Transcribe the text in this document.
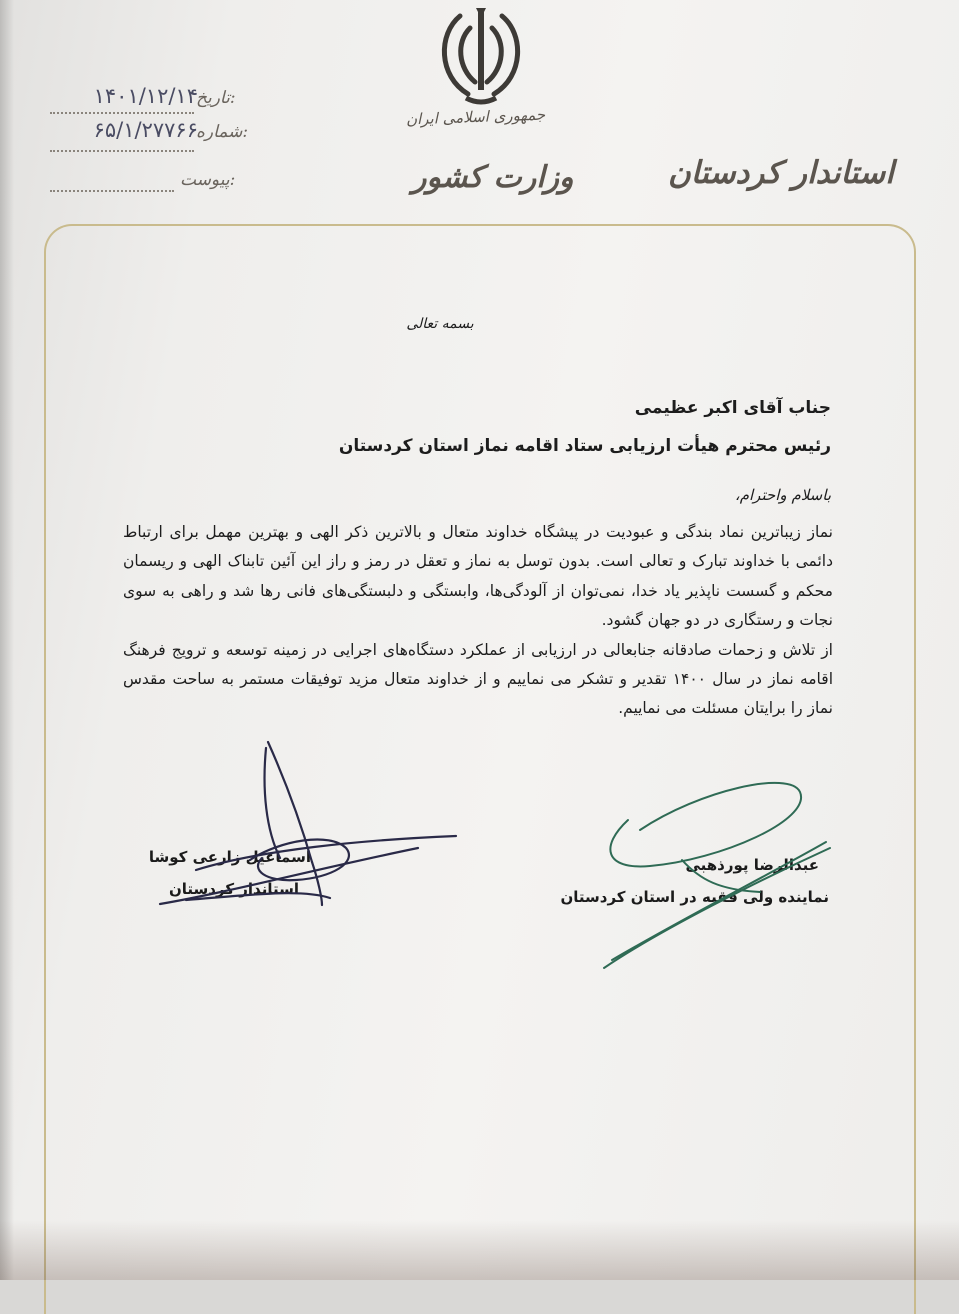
جمهوری اسلامی ایران
وزارت کشور	استاندار کردستان
تاریخ:
۱۴۰۱/۱۲/۱۴
شماره:
۶۵/۱/۲۷۷۶۶
پیوست:
بسمه تعالی
جناب آقای اکبر عظیمی
رئیس محترم هیأت ارزیابی ستاد اقامه نماز استان کردستان
باسلام واحترام،

نماز زیباترین نماد بندگی و عبودیت در پیشگاه خداوند متعال و بالاترین ذکر الهی و بهترین مهمل برای ارتباط دائمی با خداوند تبارک و تعالی است. بدون توسل به نماز و تعقل در رمز و راز این آئین تابناک الهی و ریسمان محکم و گسست ناپذیر یاد خدا، نمی‌توان از آلودگی‌ها، وابستگی و دلبستگی‌های فانی رها شد و راهی به سوی نجات و رستگاری در دو جهان گشود.

از تلاش و زحمات صادقانه جنابعالی در ارزیابی از عملکرد دستگاه‌های اجرایی در زمینه توسعه و ترویج فرهنگ اقامه نماز در سال ۱۴۰۰ تقدیر و تشکر می نماییم و از خداوند متعال مزید توفیقات مستمر به ساحت مقدس نماز را برایتان مسئلت می نماییم.

اسماعیل زارعی کوشا
استاندار کردستان
عبدالرضا پورذهبی
نماینده ولی فقیه در استان کردستان
